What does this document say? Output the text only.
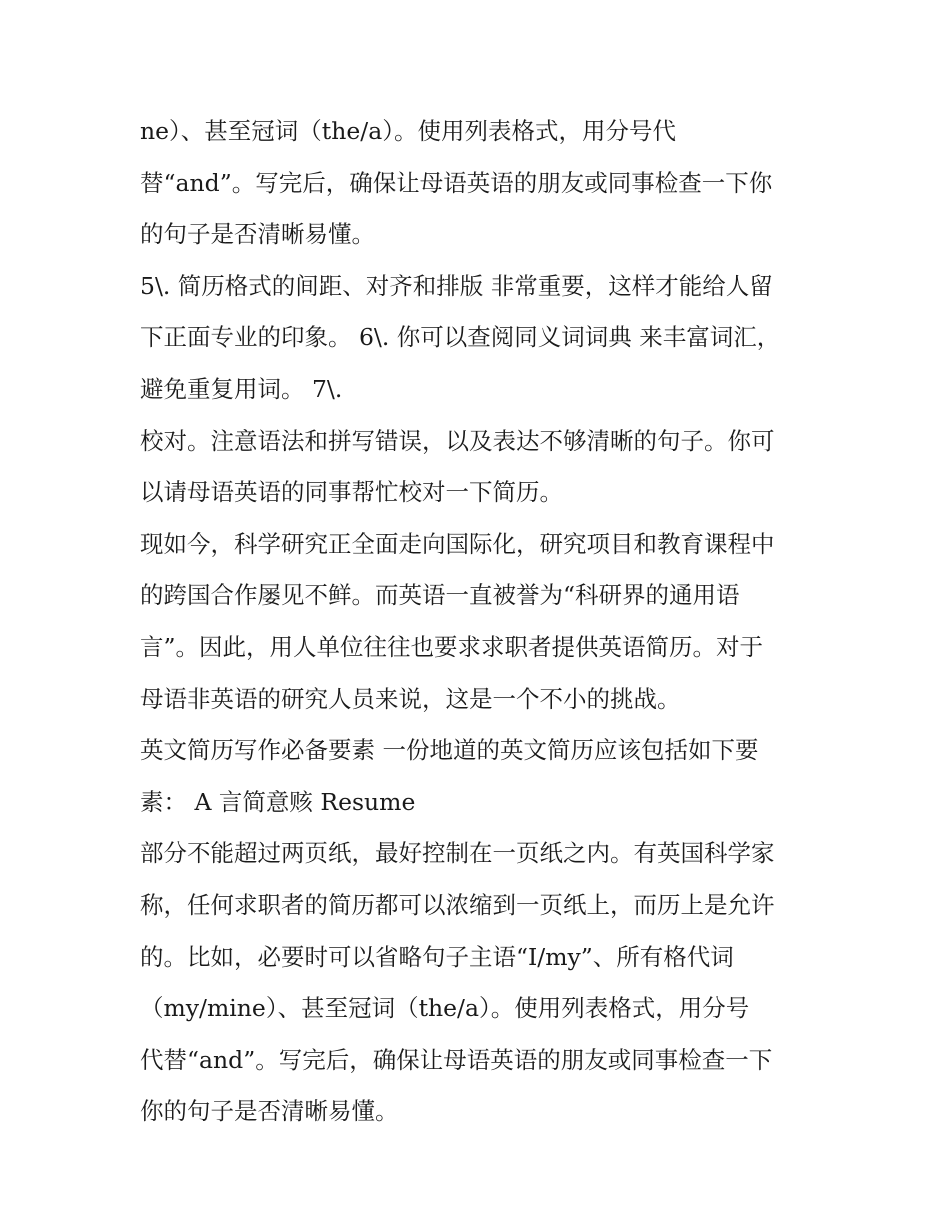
ne）、甚至冠词（the/a）。使用列表格式，用分号代
替“and”。写完后，确保让母语英语的朋友或同事检查一下你
的句子是否清晰易懂。
5\. 简历格式的间距、对齐和排版 非常重要，这样才能给人留
下正面专业的印象。 6\. 你可以查阅同义词词典 来丰富词汇，
避免重复用词。 7\.
校对。注意语法和拼写错误，以及表达不够清晰的句子。你可
以请母语英语的同事帮忙校对一下简历。
现如今，科学研究正全面走向国际化，研究项目和教育课程中
的跨国合作屡见不鲜。而英语一直被誉为“科研界的通用语
言”。因此，用人单位往往也要求求职者提供英语简历。对于
母语非英语的研究人员来说，这是一个不小的挑战。
英文简历写作必备要素 一份地道的英文简历应该包括如下要
素： A 言简意赅 Resume
部分不能超过两页纸，最好控制在一页纸之内。有英国科学家
称，任何求职者的简历都可以浓缩到一页纸上，而历上是允许
的。比如，必要时可以省略句子主语“I/my”、所有格代词
（my/mine）、甚至冠词（the/a）。使用列表格式，用分号
代替“and”。写完后，确保让母语英语的朋友或同事检查一下
你的句子是否清晰易懂。
